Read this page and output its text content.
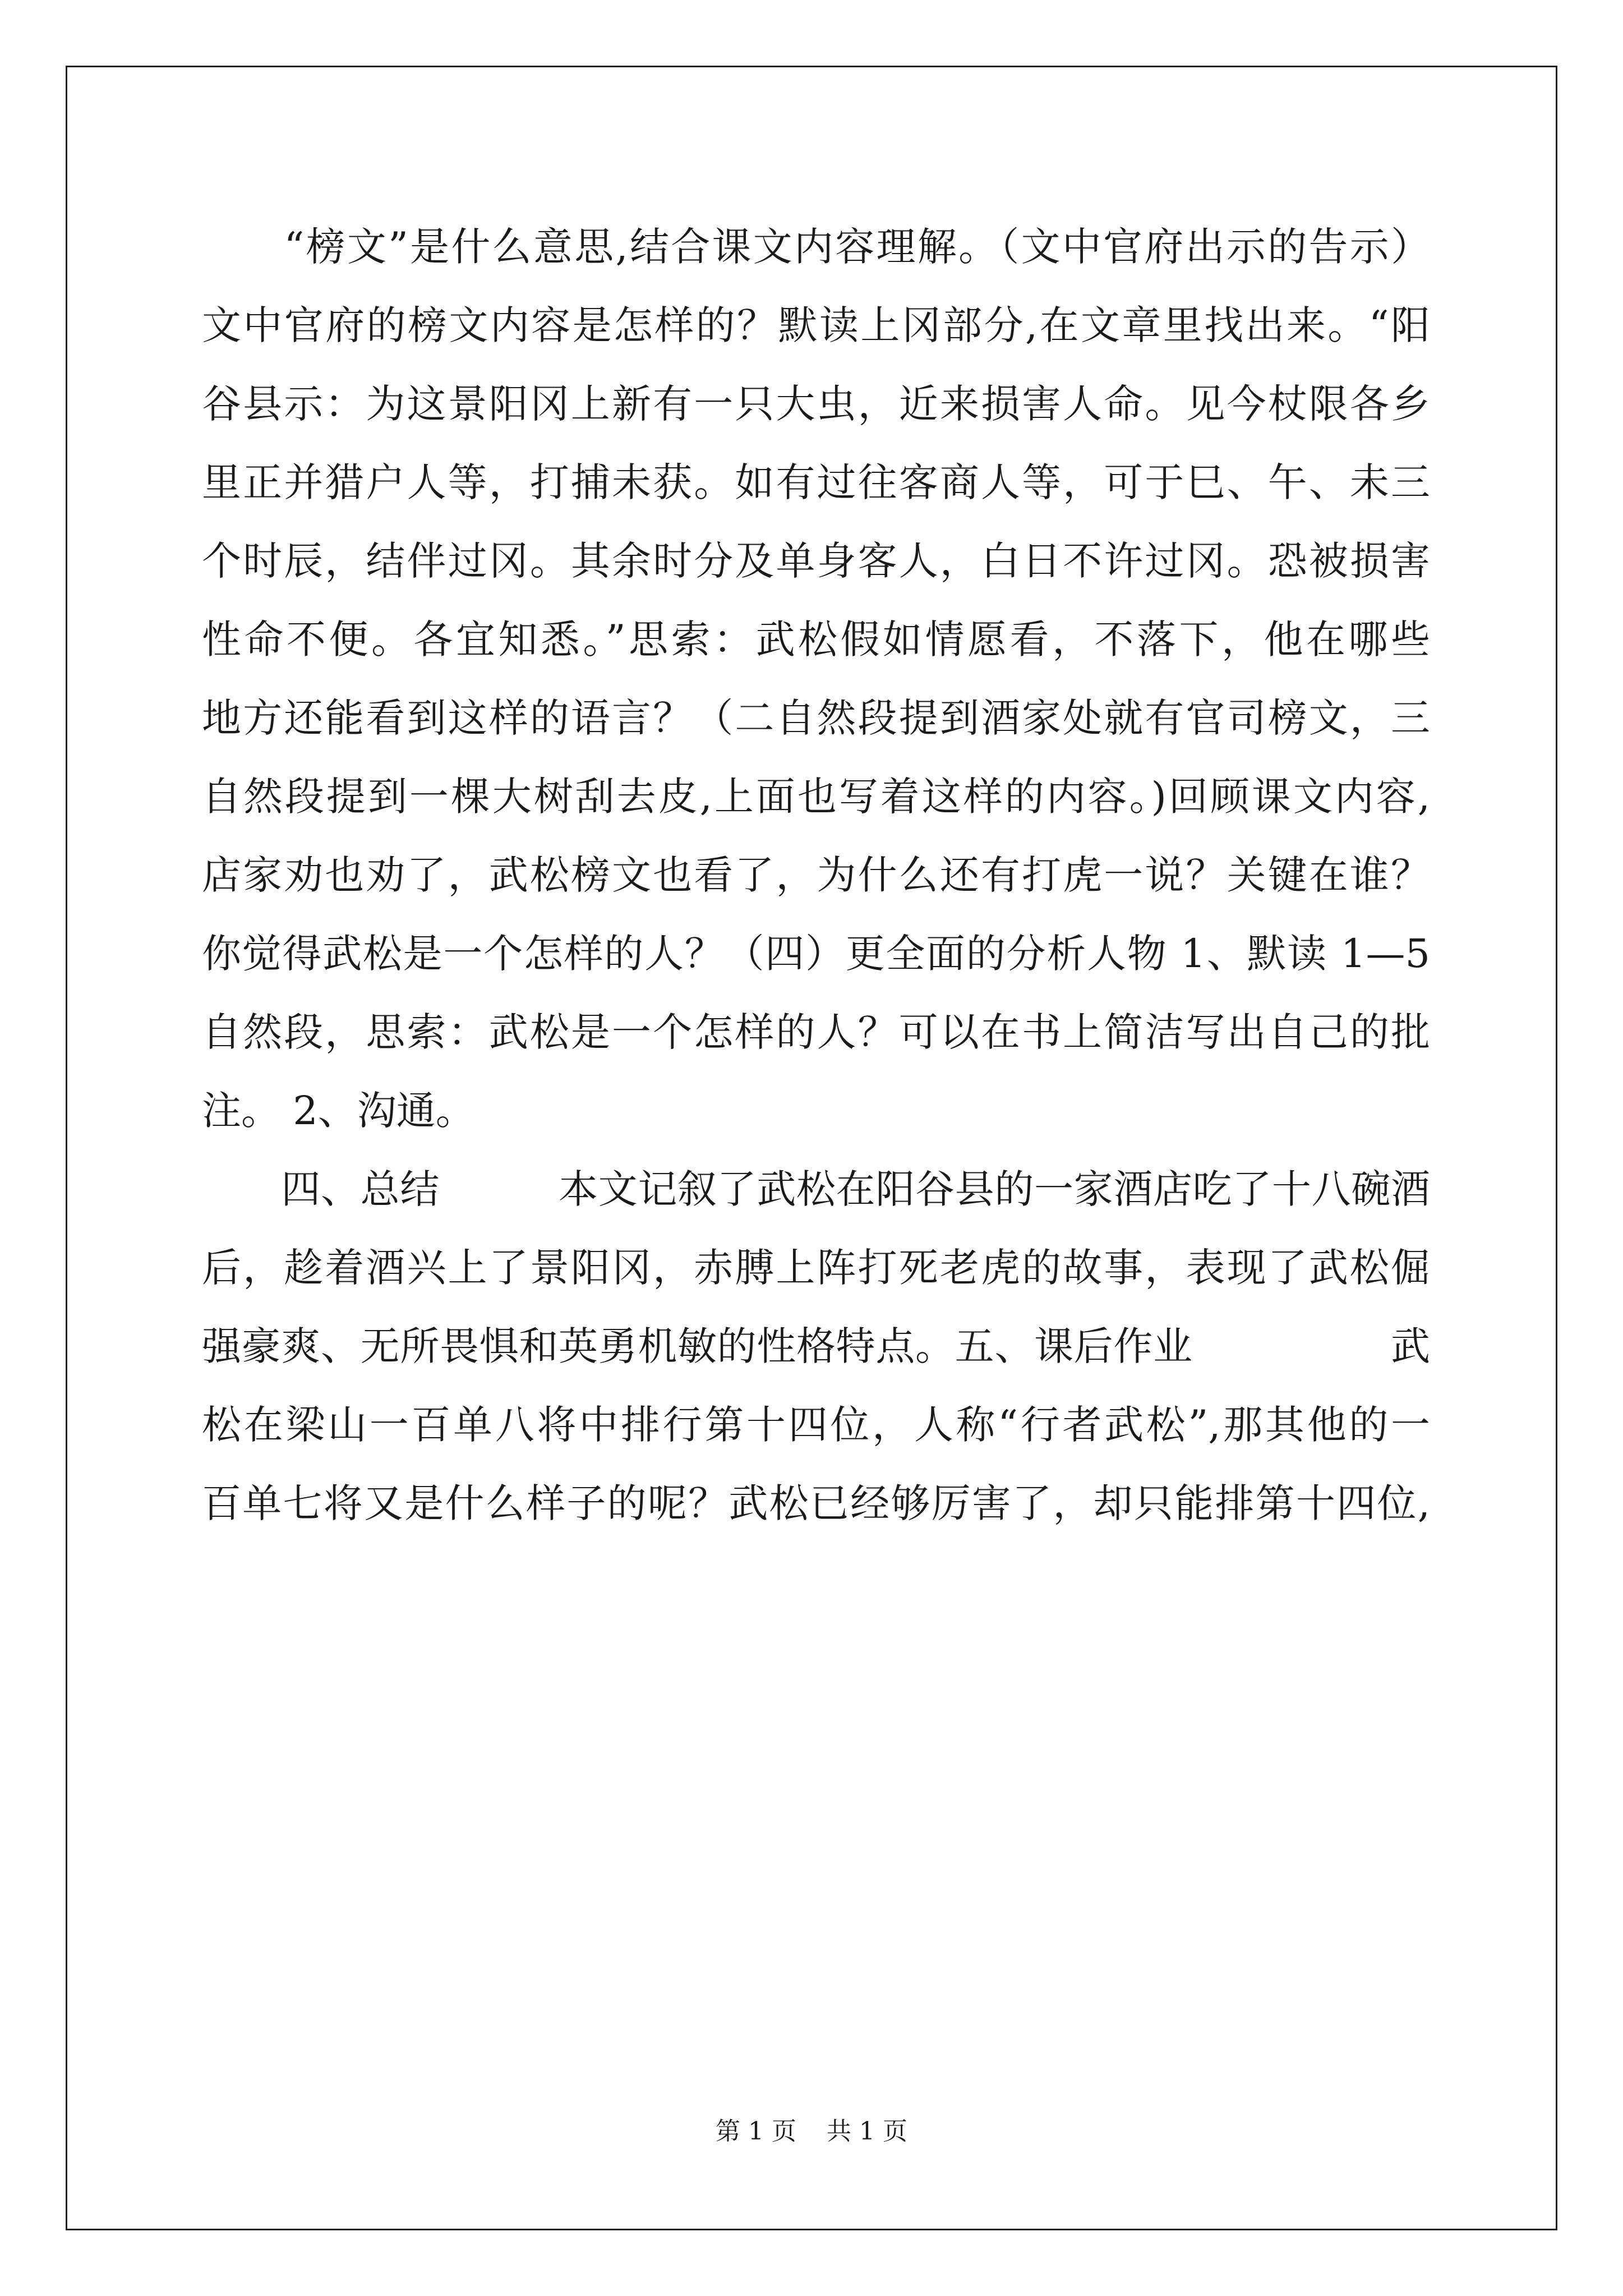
　　“榜文”是什么意思,结合课文内容理解。（文中官府出示的告示）
文中官府的榜文内容是怎样的？默读上冈部分,在文章里找出来。“阳
谷县示：为这景阳冈上新有一只大虫，近来损害人命。见今杖限各乡
里正并猎户人等，打捕未获。如有过往客商人等，可于巳、午、未三
个时辰，结伴过冈。其余时分及单身客人，白日不许过冈。恐被损害
性命不便。各宜知悉。”思索：武松假如情愿看，不落下，他在哪些
地方还能看到这样的语言？（二自然段提到酒家处就有官司榜文，三
自然段提到一棵大树刮去皮,上面也写着这样的内容。)回顾课文内容,
店家劝也劝了，武松榜文也看了，为什么还有打虎一说？关键在谁？
你觉得武松是一个怎样的人？（四）更全面的分析人物 1、默读 1—5
自然段，思索：武松是一个怎样的人？可以在书上简洁写出自己的批
注。 2、沟通。
　　四、总结　　　本文记叙了武松在阳谷县的一家酒店吃了十八碗酒
后，趁着酒兴上了景阳冈，赤膊上阵打死老虎的故事，表现了武松倔
强豪爽、无所畏惧和英勇机敏的性格特点。五、课后作业　　　　　武
松在梁山一百单八将中排行第十四位，人称“行者武松”,那其他的一
百单七将又是什么样子的呢？武松已经够厉害了，却只能排第十四位,
第 1 页 共 1 页
